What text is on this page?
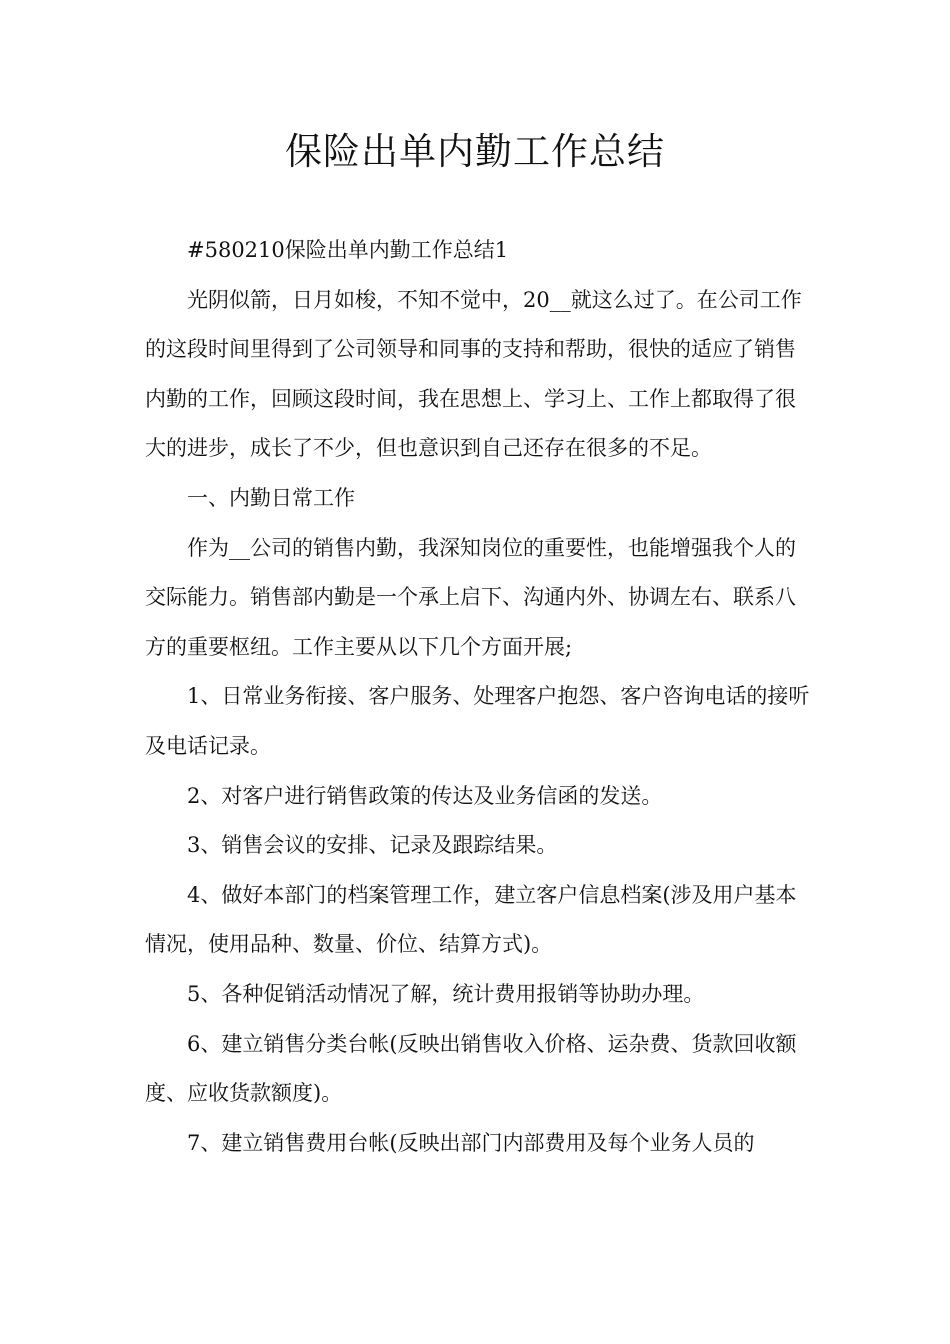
保险出单内勤工作总结

#580210保险出单内勤工作总结1

光阴似箭，日月如梭，不知不觉中，20__就这么过了。在公司工作的这段时间里得到了公司领导和同事的支持和帮助，很快的适应了销售内勤的工作，回顾这段时间，我在思想上、学习上、工作上都取得了很大的进步，成长了不少，但也意识到自己还存在很多的不足。

一、内勤日常工作

作为__公司的销售内勤，我深知岗位的重要性，也能增强我个人的交际能力。销售部内勤是一个承上启下、沟通内外、协调左右、联系八方的重要枢纽。工作主要从以下几个方面开展;

1、日常业务衔接、客户服务、处理客户抱怨、客户咨询电话的接听及电话记录。

2、对客户进行销售政策的传达及业务信函的发送。

3、销售会议的安排、记录及跟踪结果。

4、做好本部门的档案管理工作，建立客户信息档案(涉及用户基本情况，使用品种、数量、价位、结算方式)。

5、各种促销活动情况了解，统计费用报销等协助办理。

6、建立销售分类台帐(反映出销售收入价格、运杂费、货款回收额度、应收货款额度)。

7、建立销售费用台帐(反映出部门内部费用及每个业务人员的
